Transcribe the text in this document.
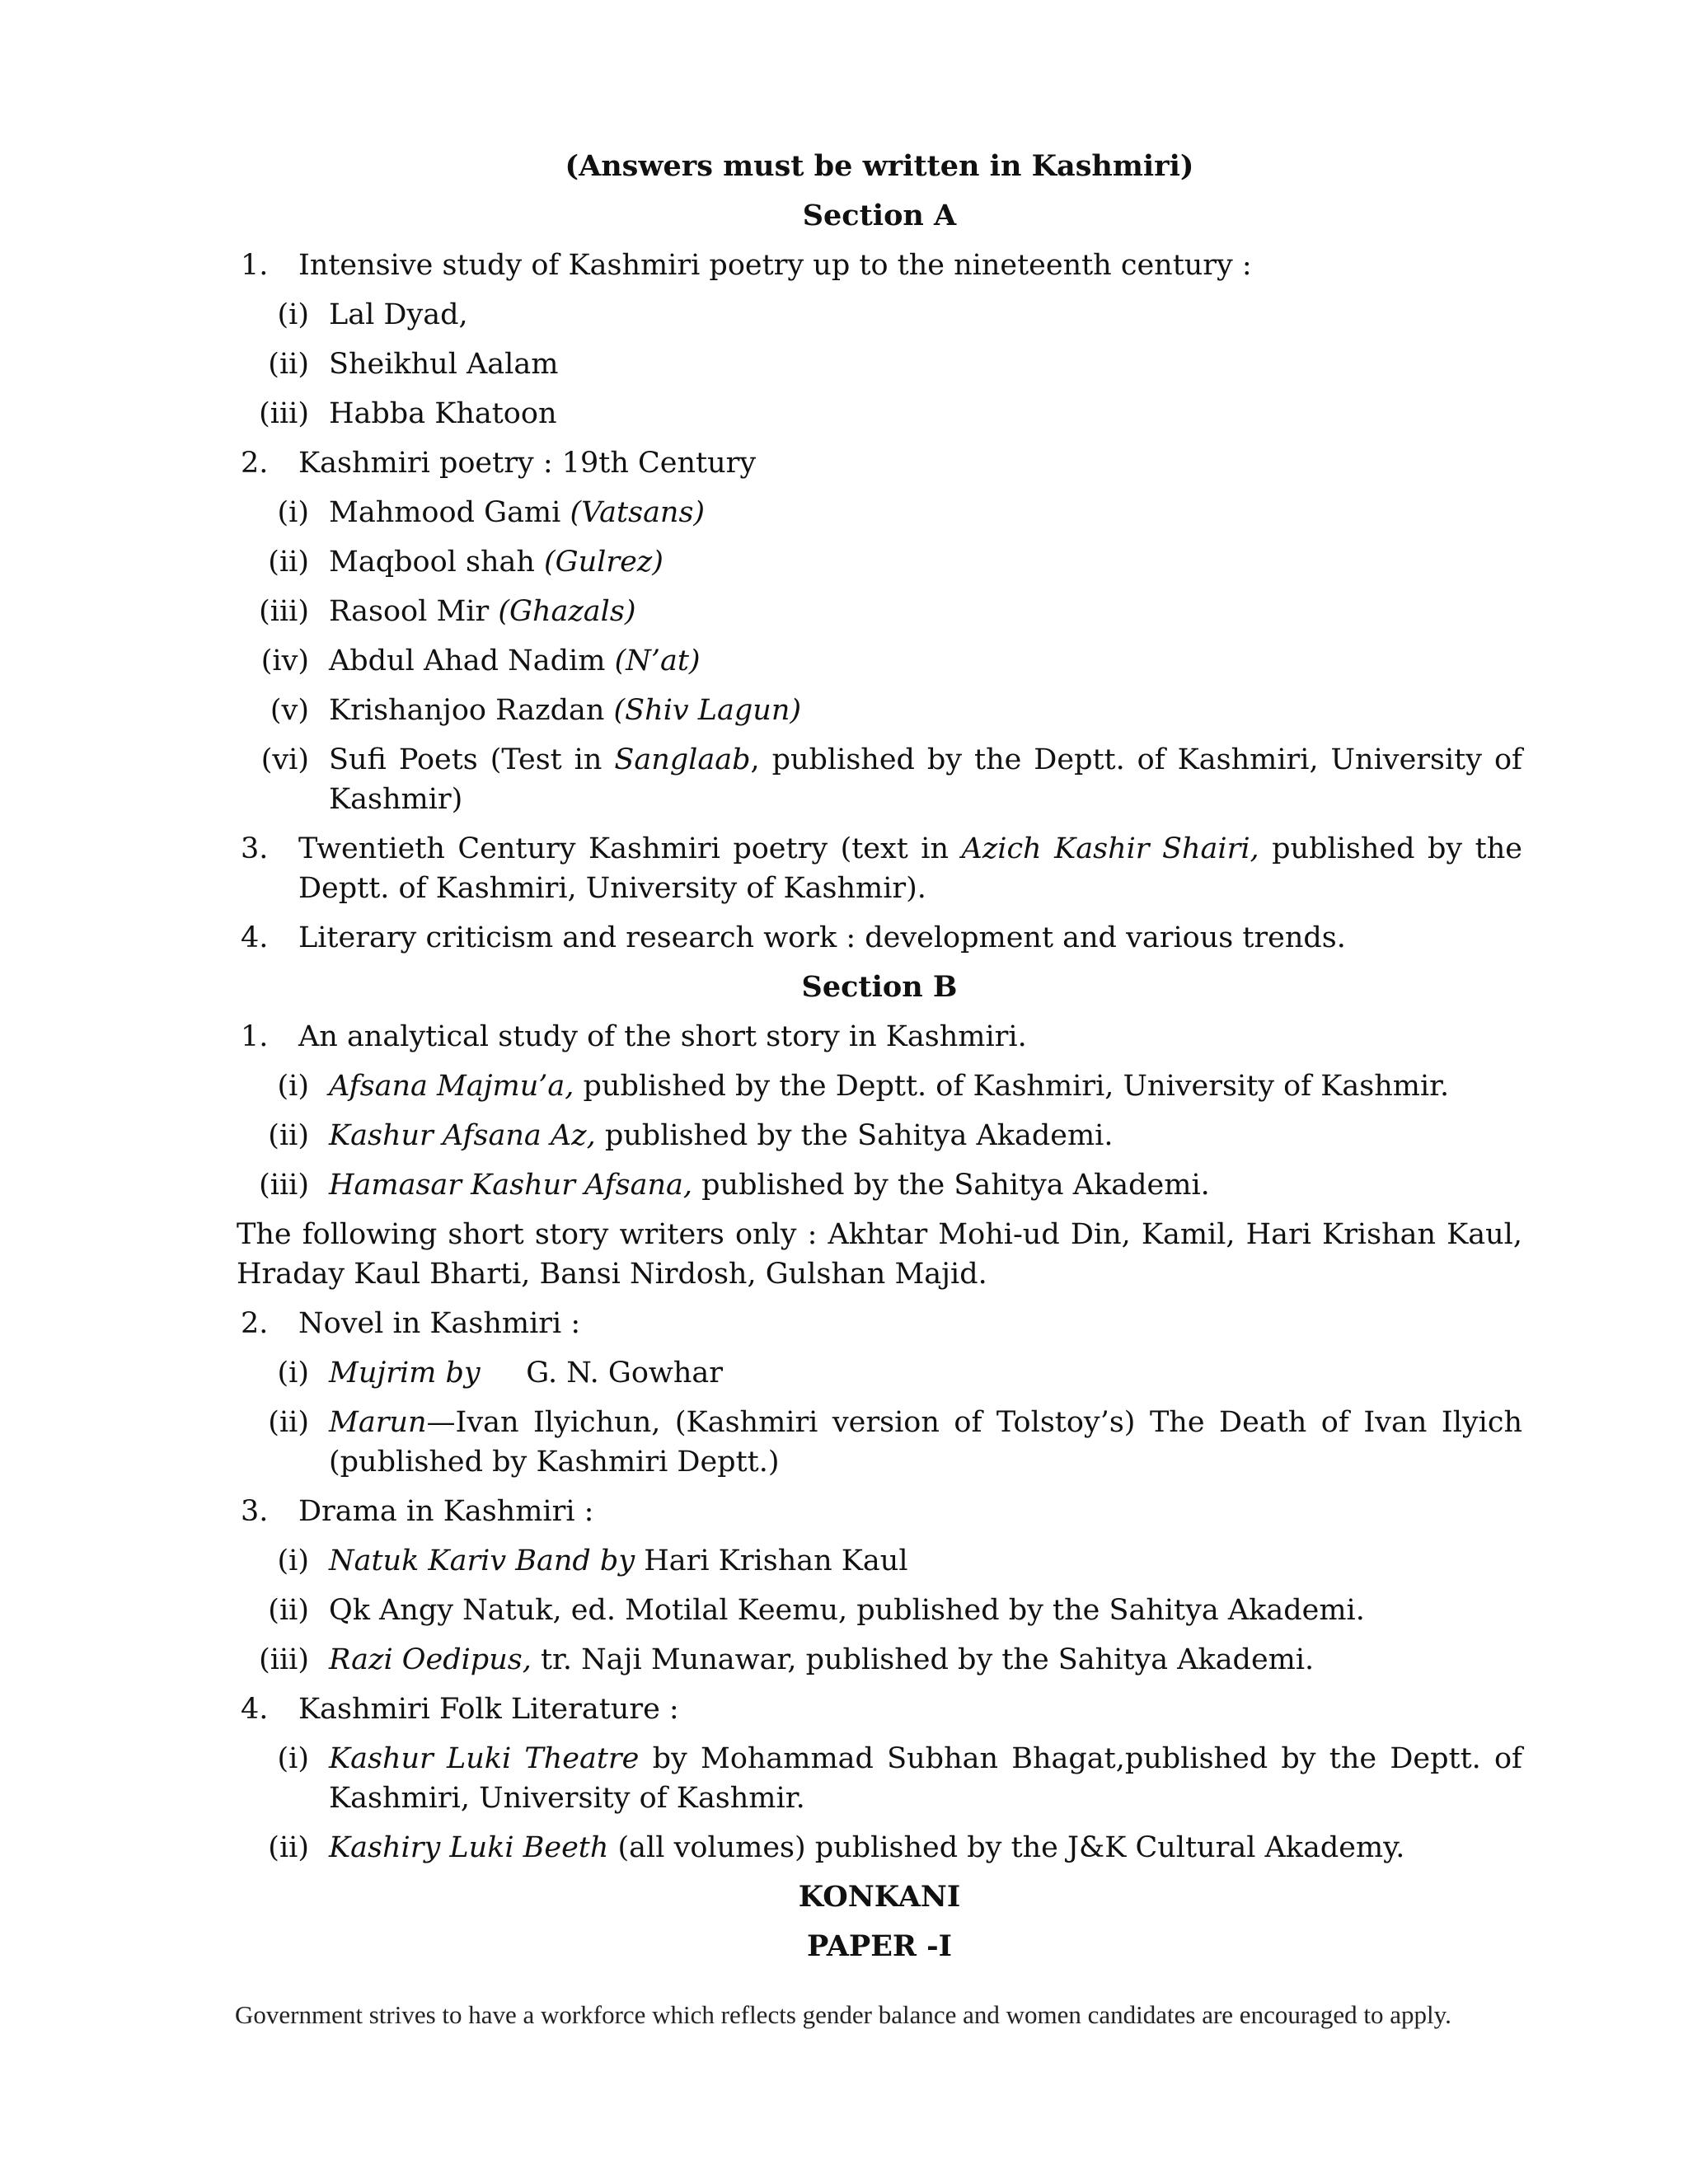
(Answers must be written in Kashmiri)

Section A

1. Intensive study of Kashmiri poetry up to the nineteenth century :
(i) Lal Dyad,
(ii) Sheikhul Aalam
(iii) Habba Khatoon
2. Kashmiri poetry : 19th Century
(i) Mahmood Gami (Vatsans)
(ii) Maqbool shah (Gulrez)
(iii) Rasool Mir (Ghazals)
(iv) Abdul Ahad Nadim (N’at)
(v) Krishanjoo Razdan (Shiv Lagun)
(vi) Sufi Poets (Test in Sanglaab, published by the Deptt. of Kashmiri, University of Kashmir)
3. Twentieth Century Kashmiri poetry (text in Azich Kashir Shairi, published by the Deptt. of Kashmiri, University of Kashmir).
4. Literary criticism and research work : development and various trends.

Section B

1. An analytical study of the short story in Kashmiri.
(i) Afsana Majmu’a, published by the Deptt. of Kashmiri, University of Kashmir.
(ii) Kashur Afsana Az, published by the Sahitya Akademi.
(iii) Hamasar Kashur Afsana, published by the Sahitya Akademi.

The following short story writers only : Akhtar Mohi-ud Din, Kamil, Hari Krishan Kaul, Hraday Kaul Bharti, Bansi Nirdosh, Gulshan Majid.

2. Novel in Kashmiri :
(i) Mujrim by     G. N. Gowhar
(ii) Marun—Ivan Ilyichun, (Kashmiri version of Tolstoy’s) The Death of Ivan Ilyich (published by Kashmiri Deptt.)
3. Drama in Kashmiri :
(i) Natuk Kariv Band by Hari Krishan Kaul
(ii) Qk Angy Natuk, ed. Motilal Keemu, published by the Sahitya Akademi.
(iii) Razi Oedipus, tr. Naji Munawar, published by the Sahitya Akademi.
4. Kashmiri Folk Literature :
(i) Kashur Luki Theatre by Mohammad Subhan Bhagat,published by the Deptt. of Kashmiri, University of Kashmir.
(ii) Kashiry Luki Beeth (all volumes) published by the J&K Cultural Akademy.

KONKANI

PAPER -I

Government strives to have a workforce which reflects gender balance and women candidates are encouraged to apply.
